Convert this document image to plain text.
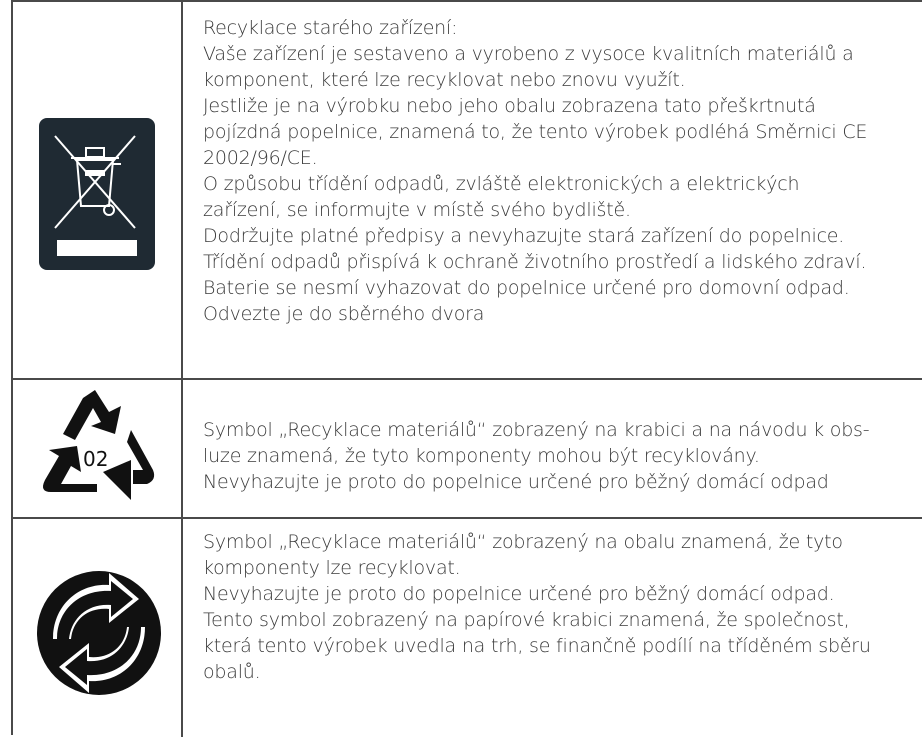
Recyklace starého zařízení:
Vaše zařízení je sestaveno a vyrobeno z vysoce kvalitních materiálů a
komponent, které lze recyklovat nebo znovu využít.
Jestliže je na výrobku nebo jeho obalu zobrazena tato přeškrtnutá
pojízdná popelnice, znamená to, že tento výrobek podléhá Směrnici CE
2002/96/CE.
O způsobu třídění odpadů, zvláště elektronických a elektrických
zařízení, se informujte v místě svého bydliště.
Dodržujte platné předpisy a nevyhazujte stará zařízení do popelnice.
Třídění odpadů přispívá k ochraně životního prostředí a lidského zdraví.
Baterie se nesmí vyhazovat do popelnice určené pro domovní odpad.
Odvezte je do sběrného dvora
02
Symbol „Recyklace materiálů“ zobrazený na krabici a na návodu k obs-
luze znamená, že tyto komponenty mohou být recyklovány.
Nevyhazujte je proto do popelnice určené pro běžný domácí odpad
Symbol „Recyklace materiálů“ zobrazený na obalu znamená, že tyto
komponenty lze recyklovat.
Nevyhazujte je proto do popelnice určené pro běžný domácí odpad.
Tento symbol zobrazený na papírové krabici znamená, že společnost,
která tento výrobek uvedla na trh, se finančně podílí na tříděném sběru
obalů.
